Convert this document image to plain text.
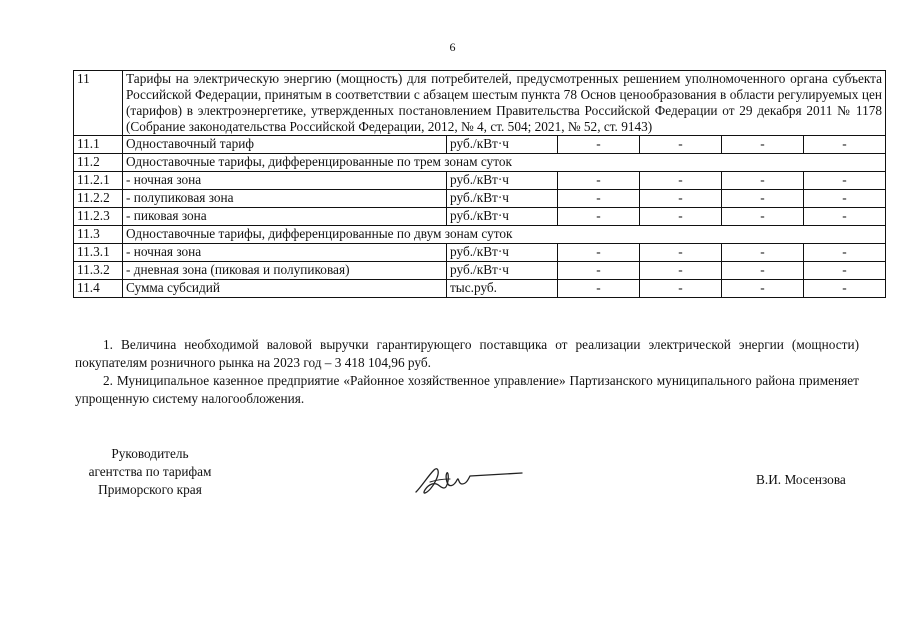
6
11	Тарифы на электрическую энергию (мощность) для потребителей, предусмотренных решением уполномоченного органа субъекта Российской Федерации, принятым в соответствии с абзацем шестым пункта 78 Основ ценообразования в области регулируемых цен (тарифов) в электроэнергетике, утвержденных постановлением Правительства Российской Федерации от 29 декабря 2011 № 1178 (Собрание законодательства Российской Федерации, 2012, № 4, ст. 504; 2021, № 52, ст. 9143)					
11.1	Одноставочный тариф	руб./кВт·ч	-	-	-	-
11.2	Одноставочные тарифы, дифференцированные по трем зонам суток					
11.2.1	- ночная зона	руб./кВт·ч	-	-	-	-
11.2.2	- полупиковая зона	руб./кВт·ч	-	-	-	-
11.2.3	- пиковая зона	руб./кВт·ч	-	-	-	-
11.3	Одноставочные тарифы, дифференцированные по двум зонам суток					
11.3.1	- ночная зона	руб./кВт·ч	-	-	-	-
11.3.2	- дневная зона (пиковая и полупиковая)	руб./кВт·ч	-	-	-	-
11.4	Сумма субсидий	тыс.руб.	-	-	-	-
1. Величина необходимой валовой выручки гарантирующего поставщика от реализации электрической энергии (мощности) покупателям розничного рынка на 2023 год – 3 418 104,96 руб.
2. Муниципальное казенное предприятие «Районное хозяйственное управление» Партизанского муниципального района применяет упрощенную систему налогообложения.
Руководитель
агентства по тарифам
Приморского края
В.И. Мосензова
